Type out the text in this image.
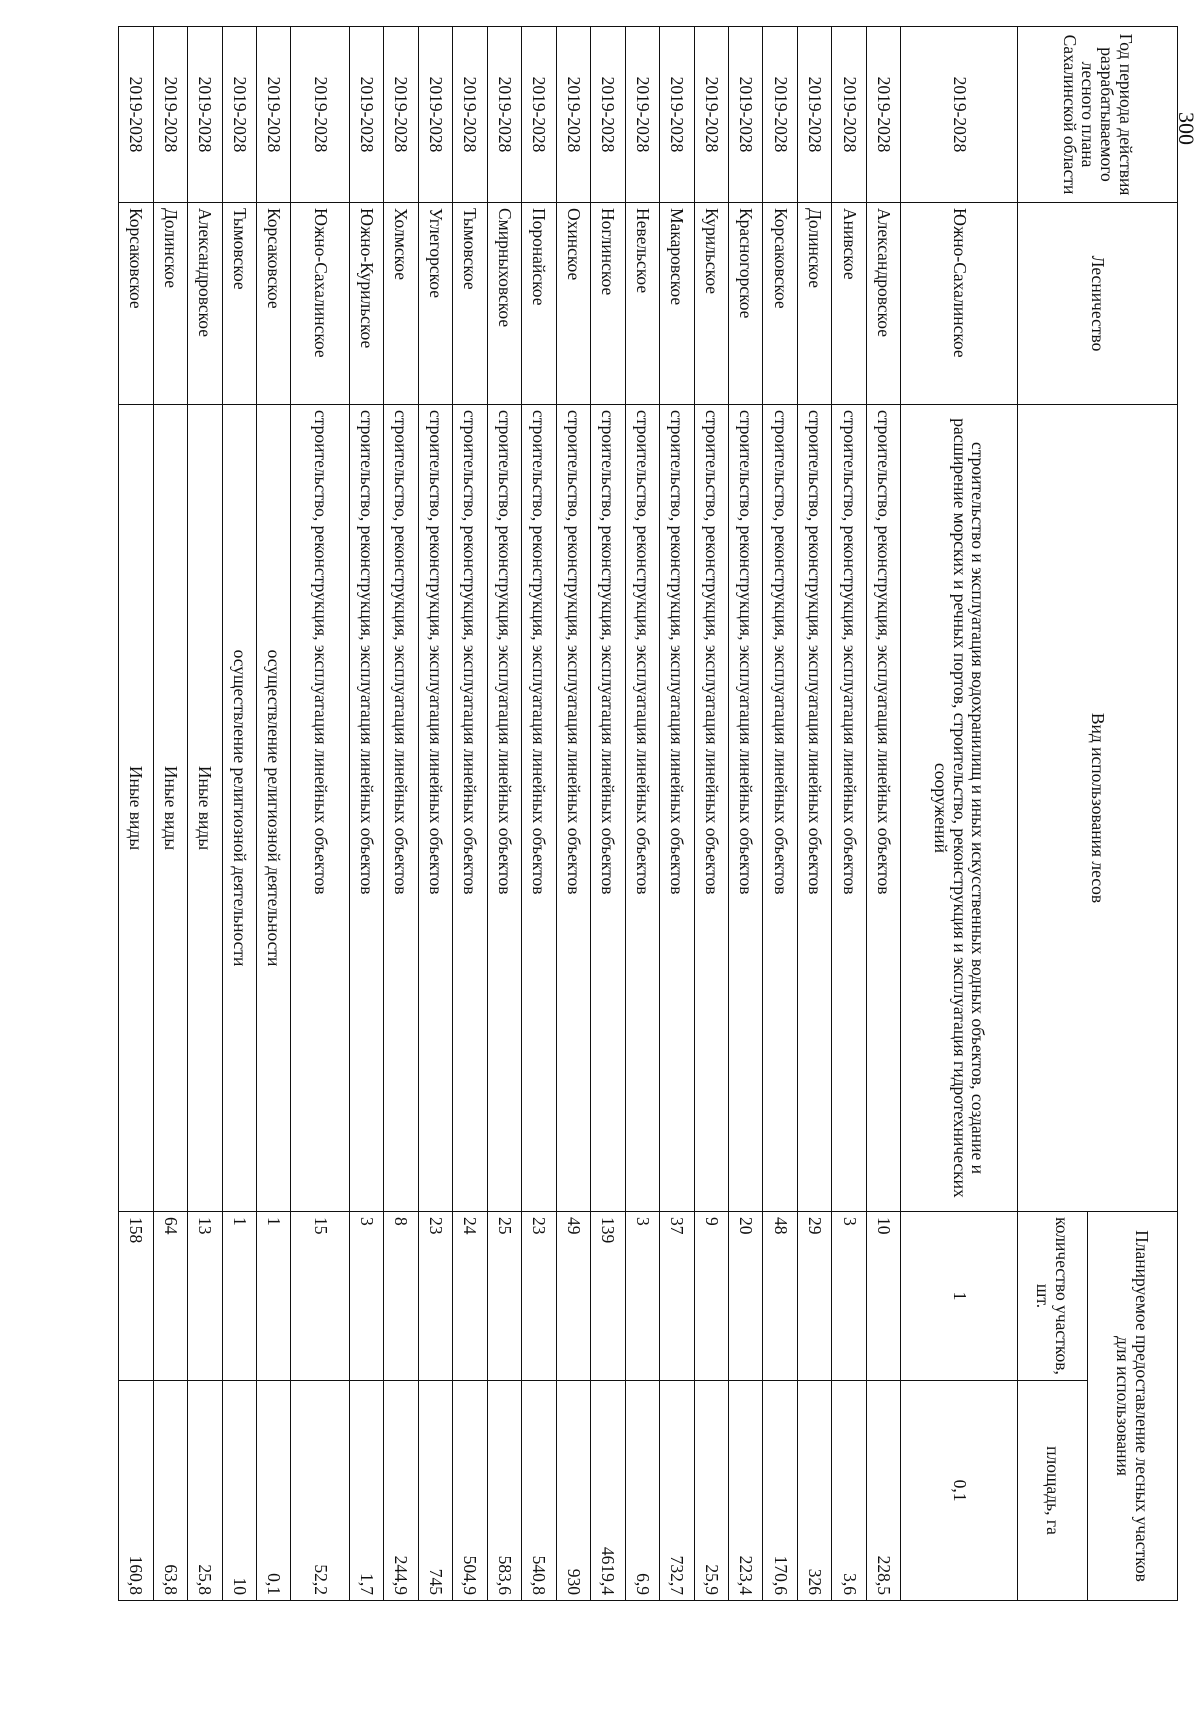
300
Год периода действия разрабатываемого лесного плана Сахалинской области	Лесничество	Вид использования лесов	Планируемое предоставление лесных участков для использования	
			количество участков, шт.	площадь, га
2019-2028	Южно-Сахалинское	строительство и эксплуатация водохранилищ и иных искусственных водных объектов, создание и расширение морских и речных портов, строительство, реконструкция и эксплуатация гидротехнических сооружений	1	0,1
2019-2028	Александровское	строительство, реконструкция, эксплуатация линейных объектов	10	228,5
2019-2028	Анивское	строительство, реконструкция, эксплуатация линейных объектов	3	3,6
2019-2028	Долинское	строительство, реконструкция, эксплуатация линейных объектов	29	326
2019-2028	Корсаковское	строительство, реконструкция, эксплуатация линейных объектов	48	170,6
2019-2028	Красногорское	строительство, реконструкция, эксплуатация линейных объектов	20	223,4
2019-2028	Курильское	строительство, реконструкция, эксплуатация линейных объектов	9	25,9
2019-2028	Макаровское	строительство, реконструкция, эксплуатация линейных объектов	37	732,7
2019-2028	Невельское	строительство, реконструкция, эксплуатация линейных объектов	3	6,9
2019-2028	Ноглинское	строительство, реконструкция, эксплуатация линейных объектов	139	4619,4
2019-2028	Охинское	строительство, реконструкция, эксплуатация линейных объектов	49	930
2019-2028	Поронайское	строительство, реконструкция, эксплуатация линейных объектов	23	540,8
2019-2028	Смирныховское	строительство, реконструкция, эксплуатация линейных объектов	25	583,6
2019-2028	Тымовское	строительство, реконструкция, эксплуатация линейных объектов	24	504,9
2019-2028	Углегорское	строительство, реконструкция, эксплуатация линейных объектов	23	745
2019-2028	Холмское	строительство, реконструкция, эксплуатация линейных объектов	8	244,9
2019-2028	Южно-Курильское	строительство, реконструкция, эксплуатация линейных объектов	3	1,7
2019-2028	Южно-Сахалинское	строительство, реконструкция, эксплуатация линейных объектов	15	52,2
2019-2028	Корсаковское	осуществление религиозной деятельности	1	0,1
2019-2028	Тымовское	осуществление религиозной деятельности	1	10
2019-2028	Александровское	Иные виды	13	25,8
2019-2028	Долинское	Иные виды	64	63,8
2019-2028	Корсаковское	Иные виды	158	160,8
